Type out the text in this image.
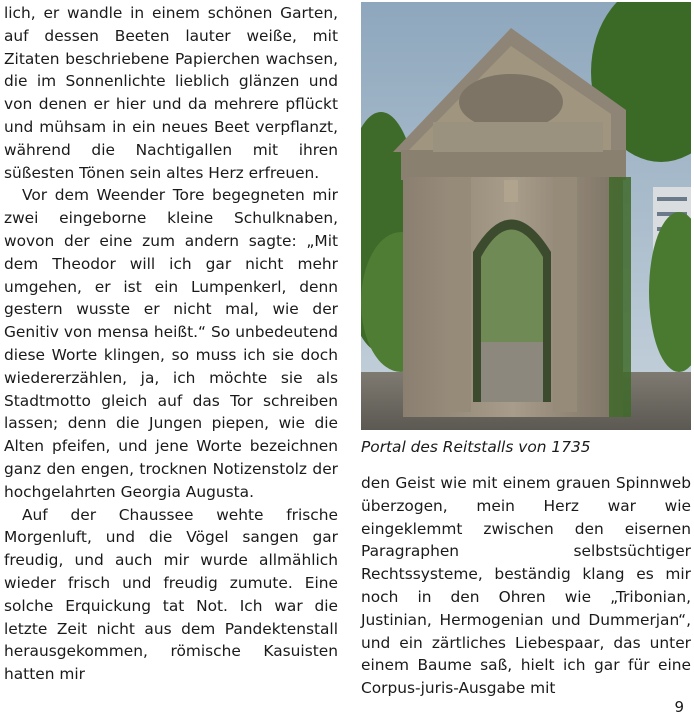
lich, er wandle in einem schönen Garten, auf dessen Beeten lauter weiße, mit Zitaten beschriebene Papierchen wachsen, die im Sonnenlichte lieblich glänzen und von denen er hier und da mehrere pflückt und mühsam in ein neues Beet verpflanzt, während die Nachtigallen mit ihren süßesten Tönen sein altes Herz erfreuen.

Vor dem Weender Tore begegneten mir zwei eingeborne kleine Schulknaben, wovon der eine zum andern sagte: „Mit dem Theodor will ich gar nicht mehr umgehen, er ist ein Lumpenkerl, denn gestern wusste er nicht mal, wie der Genitiv von mensa heißt.“ So unbedeutend diese Worte klingen, so muss ich sie doch wiedererzählen, ja, ich möchte sie als Stadtmotto gleich auf das Tor schreiben lassen; denn die Jungen piepen, wie die Alten pfeifen, und jene Worte bezeichnen ganz den engen, trocknen Notizenstolz der hochgelahrten Georgia Augusta.

Auf der Chaussee wehte frische Morgenluft, und die Vögel sangen gar freudig, und auch mir wurde allmählich wieder frisch und freudig zumute. Eine solche Erquickung tat Not. Ich war die letzte Zeit nicht aus dem Pandektenstall herausgekommen, römische Kasuisten hatten mir

Portal des Reitstalls von 1735

den Geist wie mit einem grauen Spinnweb überzogen, mein Herz war wie eingeklemmt zwischen den eisernen Paragraphen selbstsüchtiger Rechtssysteme, beständig klang es mir noch in den Ohren wie „Tribonian, Justinian, Hermogenian und Dummerjan“, und ein zärtliches Liebespaar, das unter einem Baume saß, hielt ich gar für eine Corpus-juris-Ausgabe mit

9
